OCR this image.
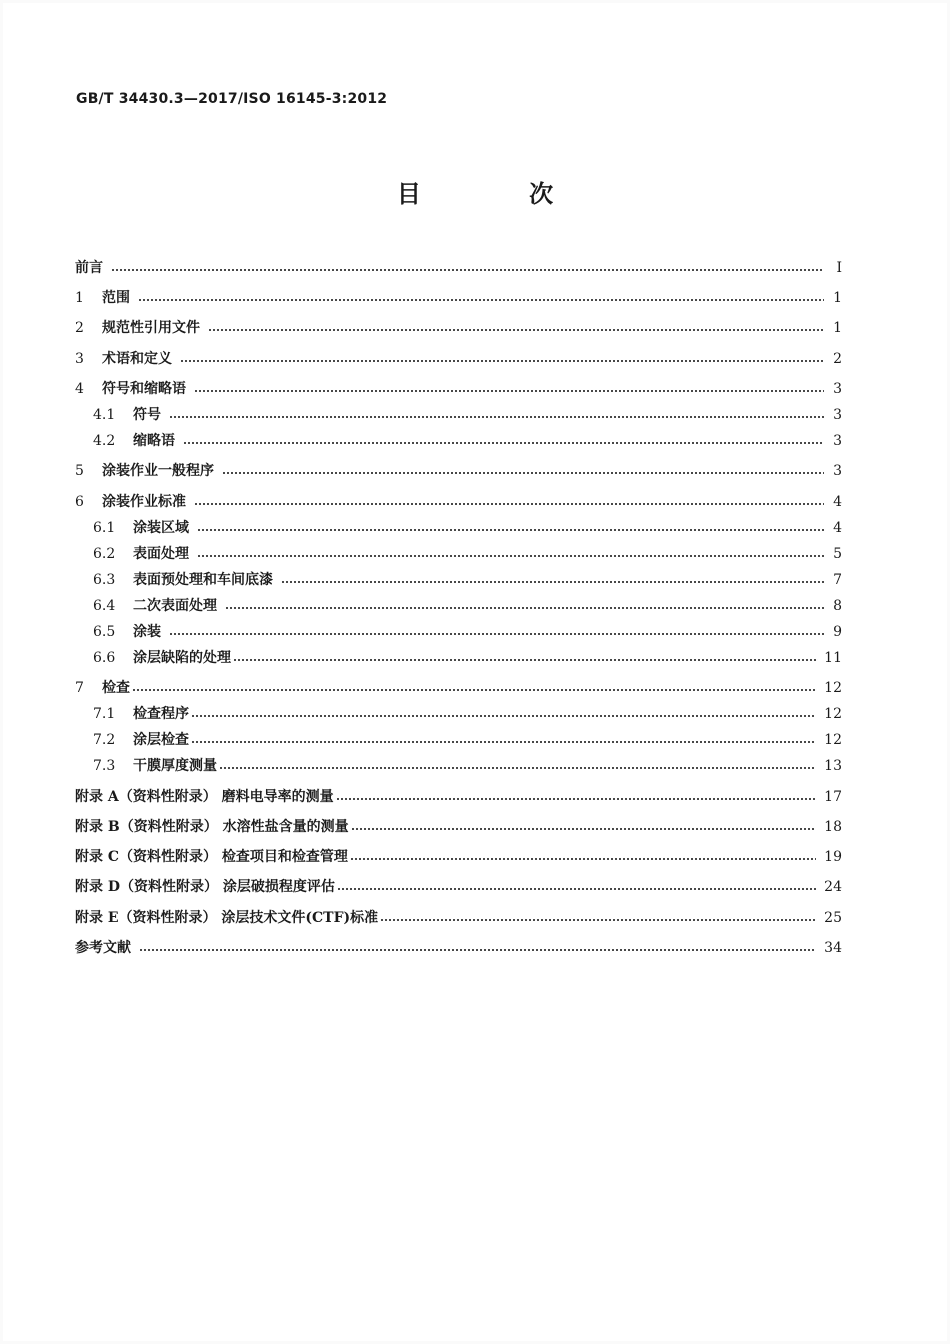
GB/T 34430.3—2017/ISO 16145-3:2012
目 次
前言	Ⅰ
1	范围	1
2	规范性引用文件	1
3	术语和定义	2
4	符号和缩略语	3
4.1	符号	3
4.2	缩略语	3
5	涂装作业一般程序	3
6	涂装作业标准	4
6.1	涂装区域	4
6.2	表面处理	5
6.3	表面预处理和车间底漆	7
6.4	二次表面处理	8
6.5	涂装	9
6.6	涂层缺陷的处理	11
7	检查	12
7.1	检查程序	12
7.2	涂层检查	12
7.3	干膜厚度测量	13
附录 A（资料性附录） 磨料电导率的测量	17
附录 B（资料性附录） 水溶性盐含量的测量	18
附录 C（资料性附录） 检查项目和检查管理	19
附录 D（资料性附录） 涂层破损程度评估	24
附录 E（资料性附录） 涂层技术文件(CTF)标准	25
参考文献	34
